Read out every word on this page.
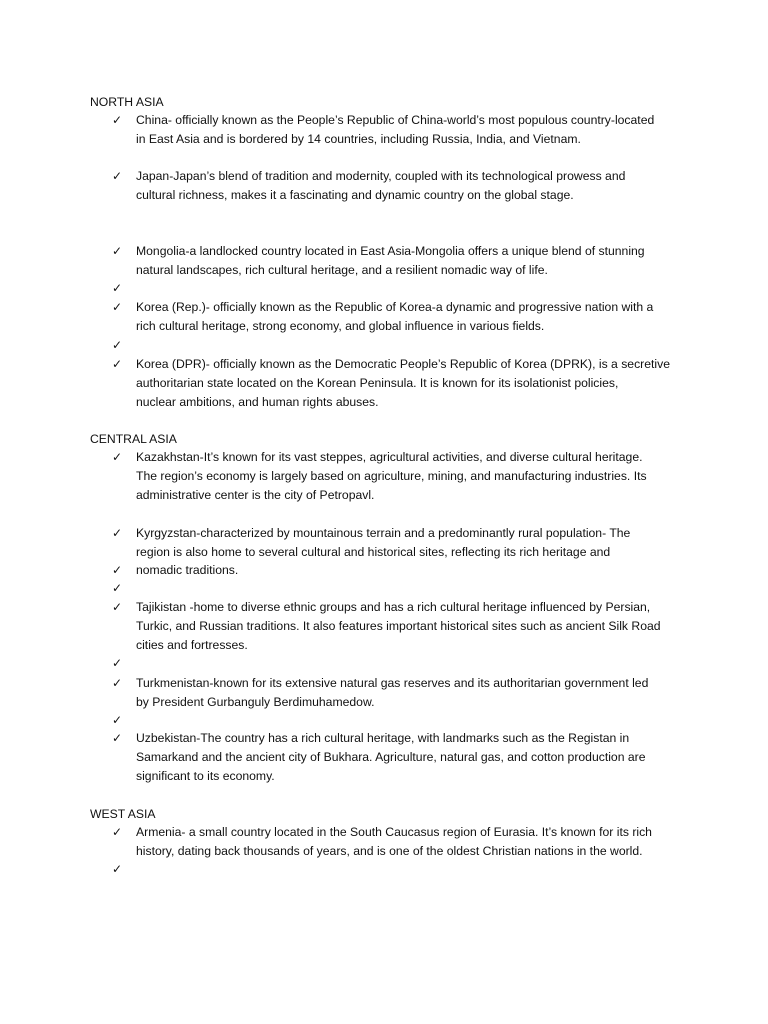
NORTH ASIA
✓
China- officially known as the People’s Republic of China-world’s most populous country-located
in East Asia and is bordered by 14 countries, including Russia, India, and Vietnam.
✓
Japan-Japan’s blend of tradition and modernity, coupled with its technological prowess and
cultural richness, makes it a fascinating and dynamic country on the global stage.
✓
Mongolia-a landlocked country located in East Asia-Mongolia offers a unique blend of stunning
natural landscapes, rich cultural heritage, and a resilient nomadic way of life.
✓
✓
Korea (Rep.)- officially known as the Republic of Korea-a dynamic and progressive nation with a
rich cultural heritage, strong economy, and global influence in various fields.
✓
✓
Korea (DPR)- officially known as the Democratic People’s Republic of Korea (DPRK), is a secretive
authoritarian state located on the Korean Peninsula. It is known for its isolationist policies,
nuclear ambitions, and human rights abuses.
CENTRAL ASIA
✓
Kazakhstan-It’s known for its vast steppes, agricultural activities, and diverse cultural heritage.
The region’s economy is largely based on agriculture, mining, and manufacturing industries. Its
administrative center is the city of Petropavl.
✓
Kyrgyzstan-characterized by mountainous terrain and a predominantly rural population- The
region is also home to several cultural and historical sites, reflecting its rich heritage and
✓
nomadic traditions.
✓
✓
Tajikistan -home to diverse ethnic groups and has a rich cultural heritage influenced by Persian,
Turkic, and Russian traditions. It also features important historical sites such as ancient Silk Road
cities and fortresses.
✓
✓
Turkmenistan-known for its extensive natural gas reserves and its authoritarian government led
by President Gurbanguly Berdimuhamedow.
✓
✓
Uzbekistan-The country has a rich cultural heritage, with landmarks such as the Registan in
Samarkand and the ancient city of Bukhara. Agriculture, natural gas, and cotton production are
significant to its economy.
WEST ASIA
✓
Armenia- a small country located in the South Caucasus region of Eurasia. It’s known for its rich
history, dating back thousands of years, and is one of the oldest Christian nations in the world.
✓
